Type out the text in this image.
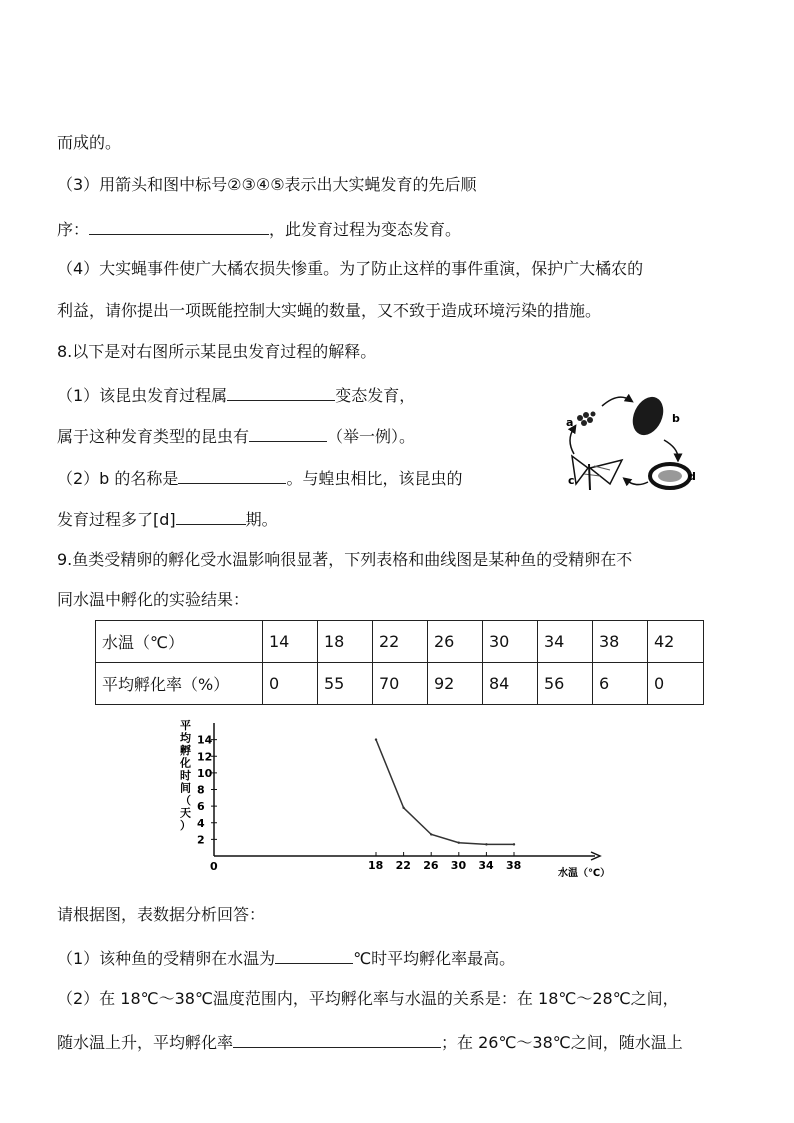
而成的。
（3）用箭头和图中标号②③④⑤表示出大实蝇发育的先后顺
序：	，此发育过程为变态发育。
（4）大实蝇事件使广大橘农损失惨重。为了防止这样的事件重演，保护广大橘农的
利益，请你提出一项既能控制大实蝇的数量，又不致于造成环境污染的措施。
8.以下是对右图所示某昆虫发育过程的解释。
（1）该昆虫发育过程属	变态发育，
属于这种发育类型的昆虫有	（举一例）。
（2）b 的名称是	。与蝗虫相比，该昆虫的
发育过程多了[d]	期。
9.鱼类受精卵的孵化受水温影响很显著，下列表格和曲线图是某种鱼的受精卵在不
同水温中孵化的实验结果：
请根据图，表数据分析回答：
（1）该种鱼的受精卵在水温为	℃时平均孵化率最高。
（2）在 18℃～38℃温度范围内，平均孵化率与水温的关系是：在 18℃～28℃之间，
随水温上升，平均孵化率	；在 26℃～38℃之间，随水温上
a	b
c	d
水温（℃）	14	18	22	26	30	34	38	42
平均孵化率（%）	0	55	70	92	84	56	6	0
平均孵化时间（天）
0
水温（℃）
2
4
6
8
10
12
14
18 22 26 30 34 38
